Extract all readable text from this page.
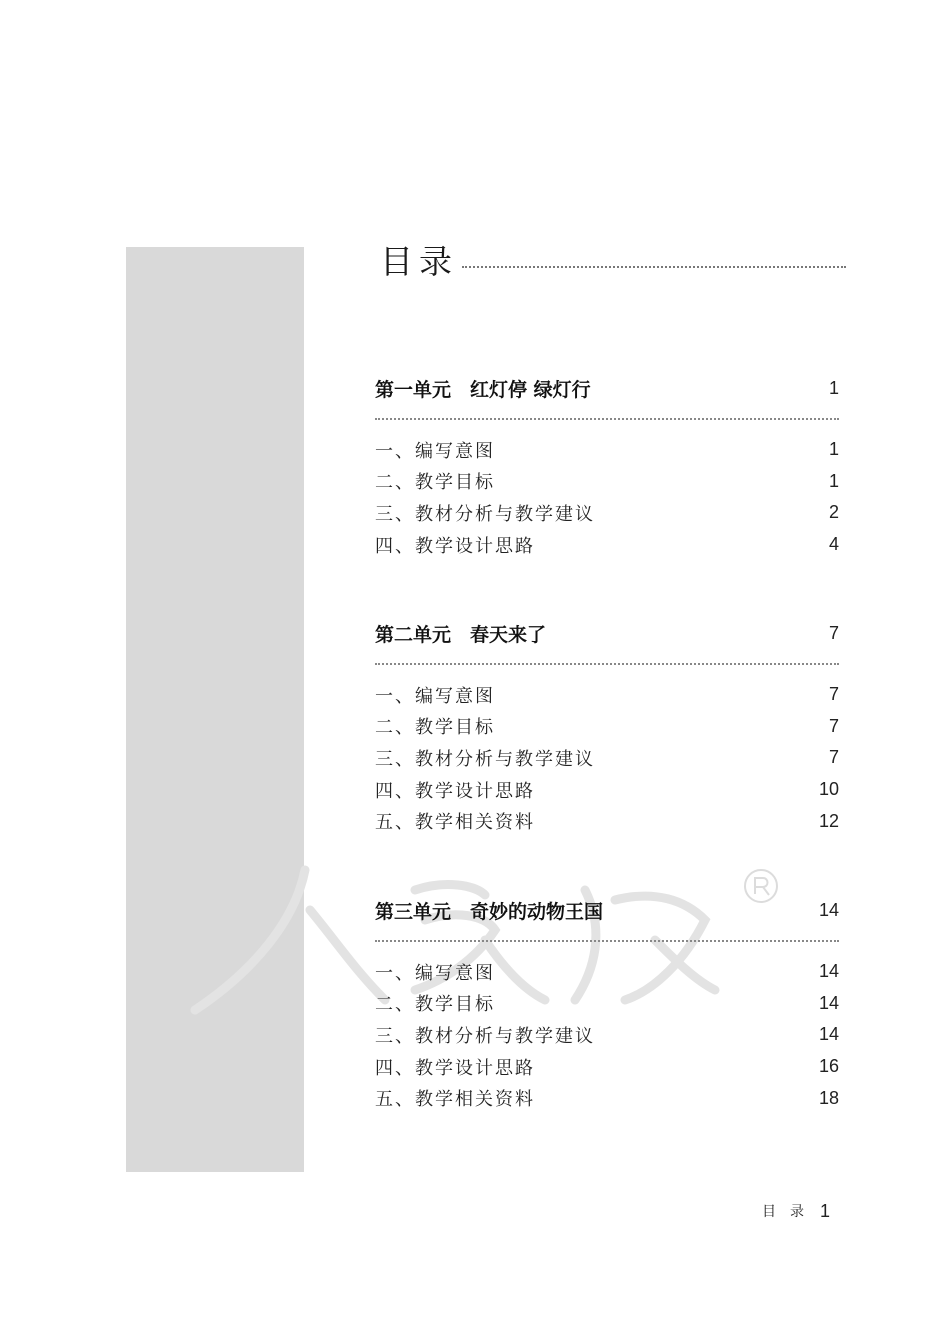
目录
第一单元　红灯停 绿灯行	1
一、编写意图	1
二、教学目标	1
三、教材分析与教学建议	2
四、教学设计思路	4
第二单元　春天来了	7
一、编写意图	7
二、教学目标	7
三、教材分析与教学建议	7
四、教学设计思路	10
五、教学相关资料	12
第三单元　奇妙的动物王国	14
一、编写意图	14
二、教学目标	14
三、教材分析与教学建议	14
四、教学设计思路	16
五、教学相关资料	18
目录 1
